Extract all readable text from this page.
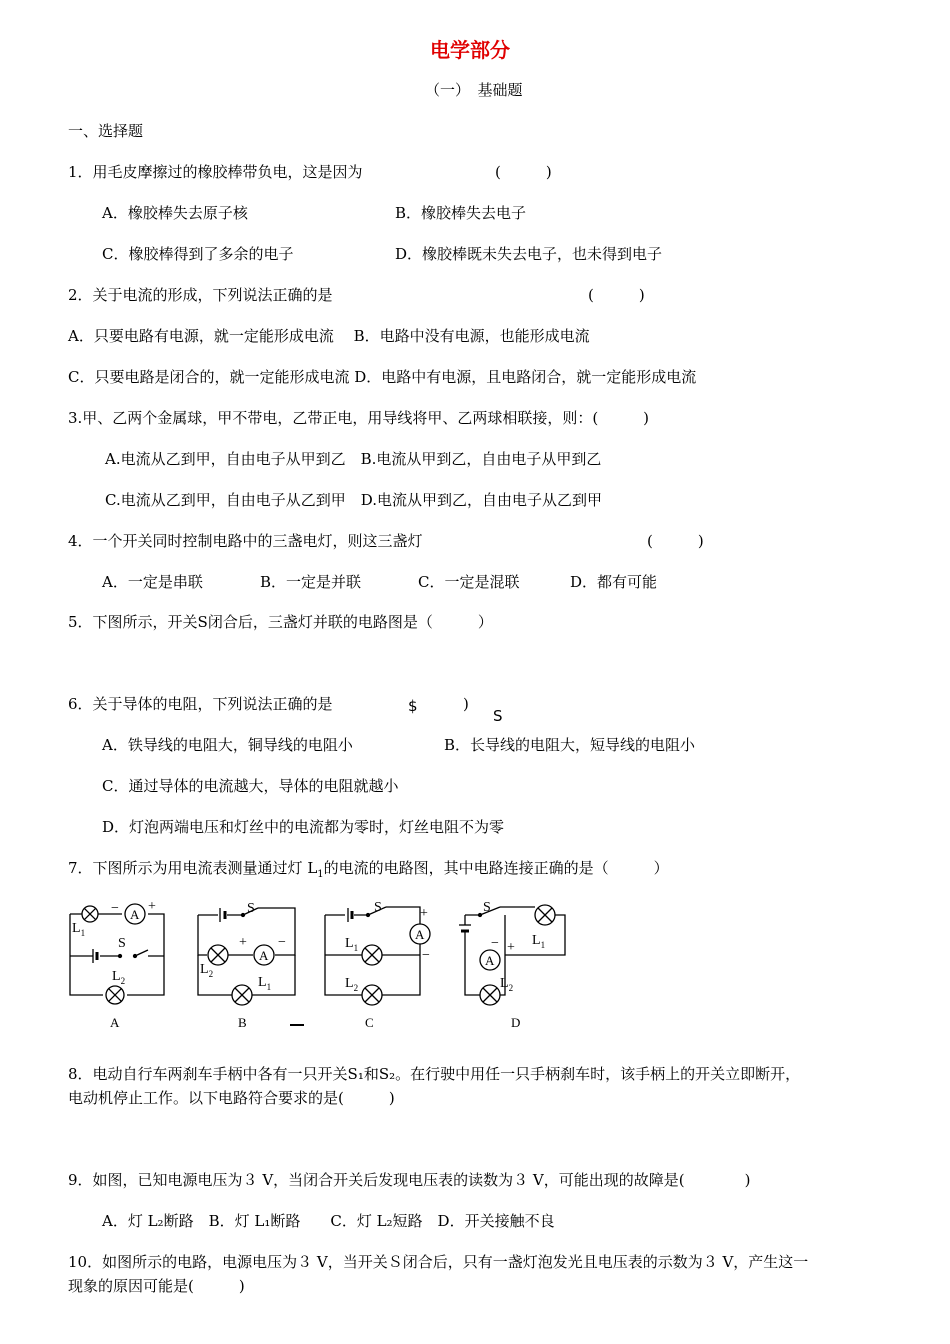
电学部分
（一）　基础题
一、选择题
1．用毛皮摩擦过的橡胶棒带负电，这是因为	(　　　)
A．橡胶棒失去原子核	B．橡胶棒失去电子
C．橡胶棒得到了多余的电子	D．橡胶棒既未失去电子，也未得到电子
2．关于电流的形成，下列说法正确的是	(　　　)
A．只要电路有电源，就一定能形成电流　 B．电路中没有电源，也能形成电流
C．只要电路是闭合的，就一定能形成电流 D．电路中有电源，且电路闭合，就一定能形成电流
3.甲、乙两个金属球，甲不带电，乙带正电，用导线将甲、乙两球相联接，则：(　　　)
A.电流从乙到甲，自由电子从甲到乙　B.电流从甲到乙，自由电子从甲到乙
C.电流从乙到甲，自由电子从乙到甲　D.电流从甲到乙，自由电子从乙到甲
4．一个开关同时控制电路中的三盏电灯，则这三盏灯	(　　　)
A．一定是串联	B．一定是并联	C．一定是混联	D．都有可能
5．下图所示，开关S闭合后，三盏灯并联的电路图是（　　　）
6．关于导体的电阻，下列说法正确的是	$	)
S
A．铁导线的电阻大，铜导线的电阻小	B．长导线的电阻大，短导线的电阻小
C．通过导体的电流越大，导体的电阻就越小
D．灯泡两端电压和灯丝中的电流都为零时，灯丝电阻不为零
7．下图所示为用电流表测量通过灯 $L_1$的电流的电路图，其中电路连接正确的是（　　　）
A
− +
$L_1$
S
$L_2$
A
S
+
A
−
$L_2$
$L_1$
B
S	+
A
−
$L_1$
$L_2$
C
S
$L_1$
+
A
−
$L_2$
D
8．电动自行车两刹车手柄中各有一只开关S₁和S₂。在行驶中用任一只手柄刹车时，该手柄上的开关立即断开，
电动机停止工作。以下电路符合要求的是(　　　)
9．如图，已知电源电压为３ V，当闭合开关后发现电压表的读数为３ V，可能出现的故障是(　　　　)
A．灯 L₂断路　B．灯 L₁断路　　C．灯 L₂短路　D．开关接触不良
10．如图所示的电路，电源电压为３ V，当开关Ｓ闭合后，只有一盏灯泡发光且电压表的示数为３ V，产生这一
现象的原因可能是(　　　)
